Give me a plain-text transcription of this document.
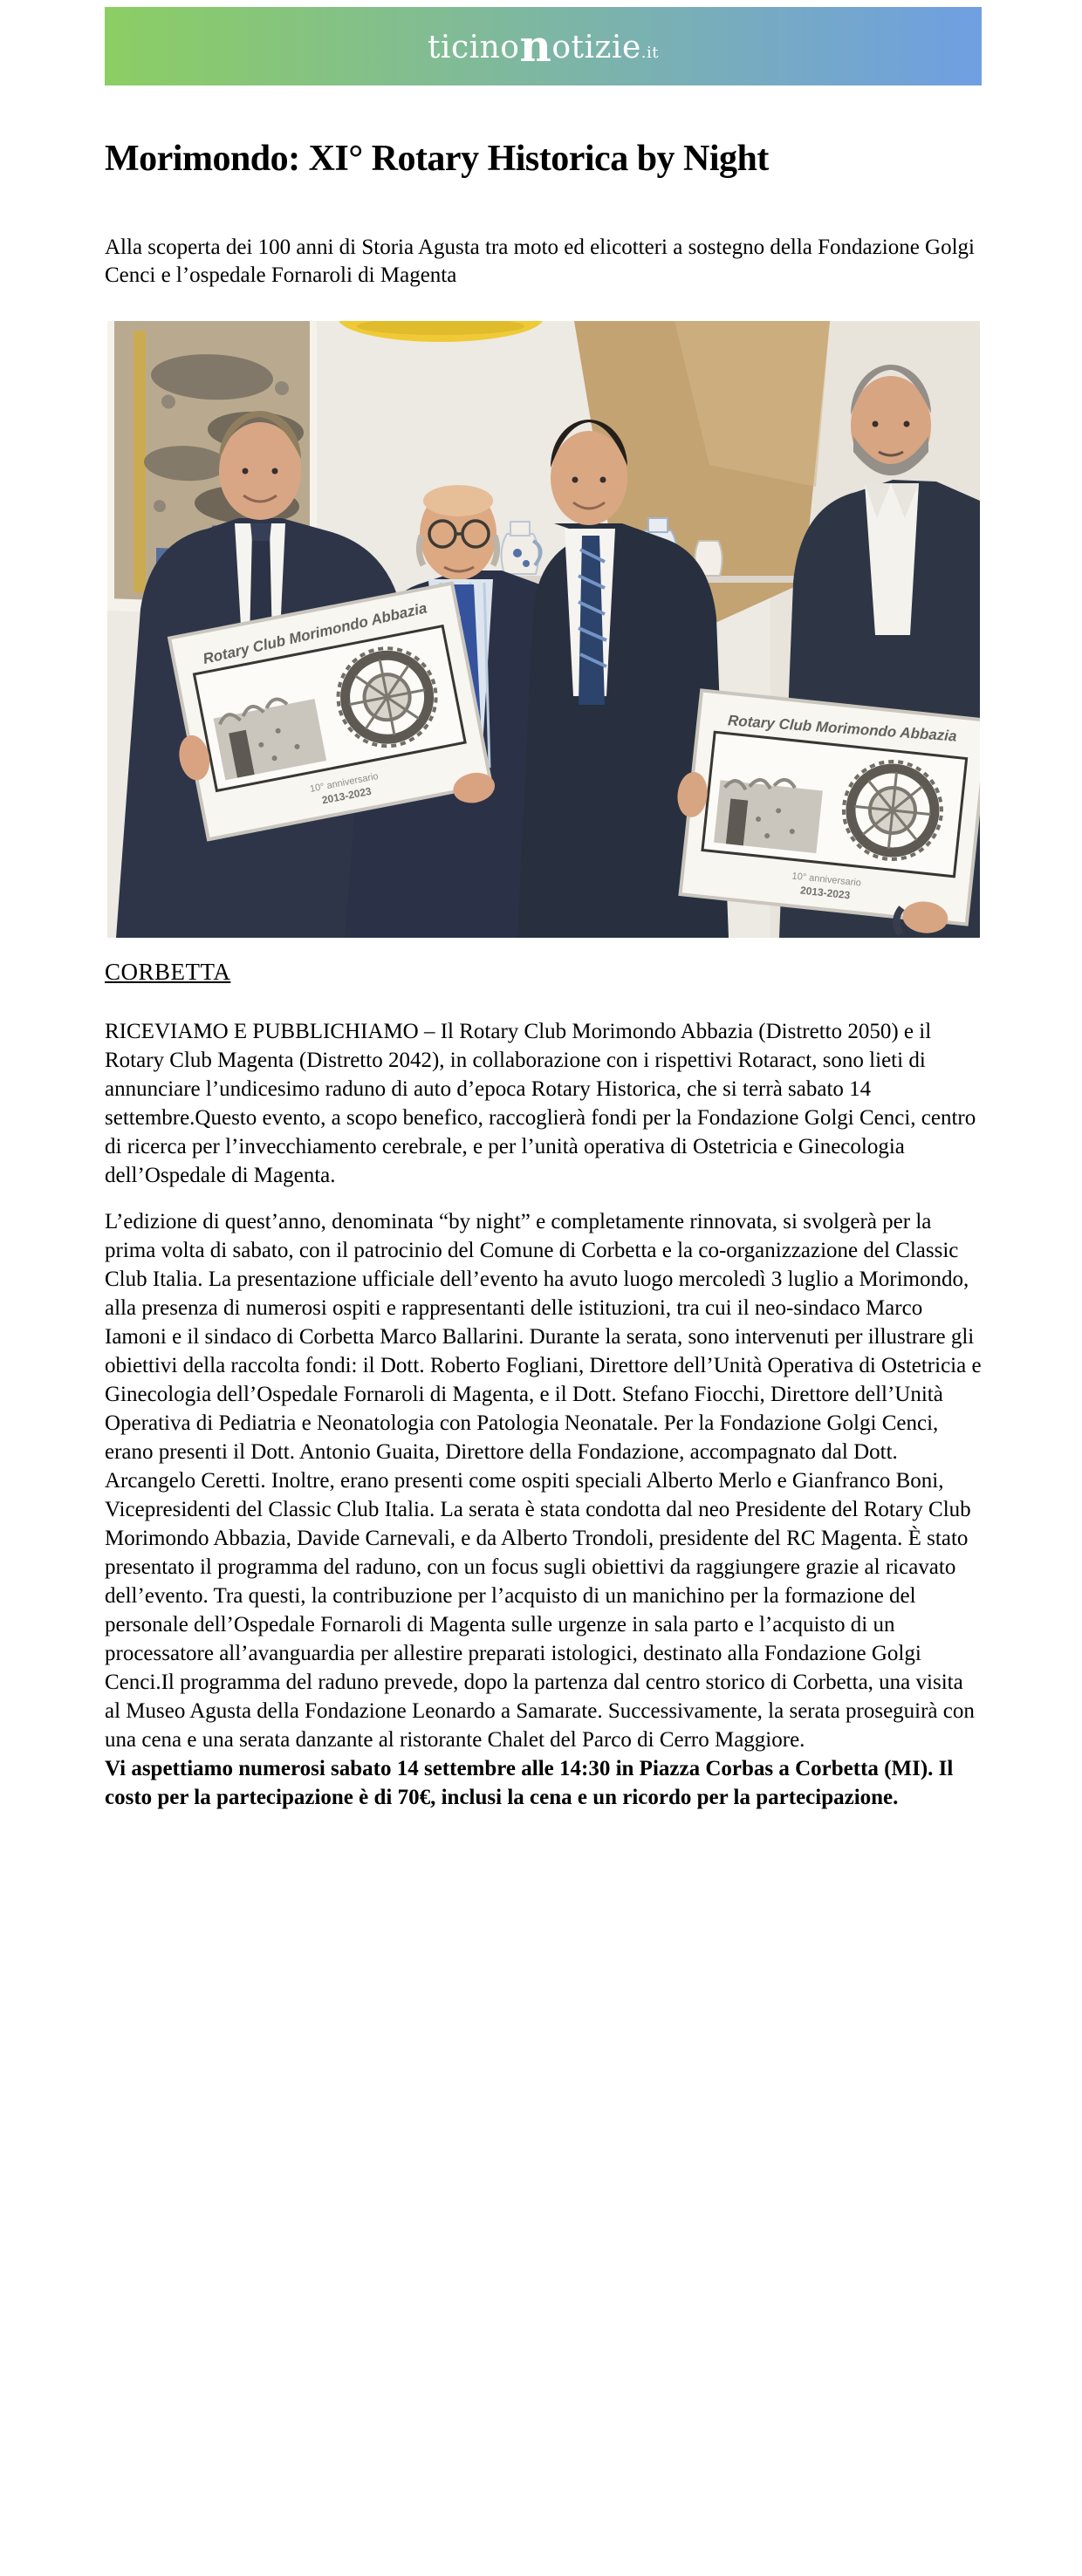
ticinonotizie.it
Morimondo: XI° Rotary Historica by Night

Alla scoperta dei 100 anni di Storia Agusta tra moto ed elicotteri a sostegno della Fondazione Golgi Cenci e l’ospedale Fornaroli di Magenta

CORBETTA

RICEVIAMO E PUBBLICHIAMO – Il Rotary Club Morimondo Abbazia (Distretto 2050) e il Rotary Club Magenta (Distretto 2042), in collaborazione con i rispettivi Rotaract, sono lieti di annunciare l’undicesimo raduno di auto d’epoca Rotary Historica, che si terrà sabato 14 settembre.Questo evento, a scopo benefico, raccoglierà fondi per la Fondazione Golgi Cenci, centro di ricerca per l’invecchiamento cerebrale, e per l’unità operativa di Ostetricia e Ginecologia dell’Ospedale di Magenta.

L’edizione di quest’anno, denominata “by night” e completamente rinnovata, si svolgerà per la prima volta di sabato, con il patrocinio del Comune di Corbetta e la co-organizzazione del Classic Club Italia. La presentazione ufficiale dell’evento ha avuto luogo mercoledì 3 luglio a Morimondo, alla presenza di numerosi ospiti e rappresentanti delle istituzioni, tra cui il neo-sindaco Marco Iamoni e il sindaco di Corbetta Marco Ballarini. Durante la serata, sono intervenuti per illustrare gli obiettivi della raccolta fondi: il Dott. Roberto Fogliani, Direttore dell’Unità Operativa di Ostetricia e Ginecologia dell’Ospedale Fornaroli di Magenta, e il Dott. Stefano Fiocchi, Direttore dell’Unità Operativa di Pediatria e Neonatologia con Patologia Neonatale. Per la Fondazione Golgi Cenci, erano presenti il Dott. Antonio Guaita, Direttore della Fondazione, accompagnato dal Dott. Arcangelo Ceretti. Inoltre, erano presenti come ospiti speciali Alberto Merlo e Gianfranco Boni, Vicepresidenti del Classic Club Italia. La serata è stata condotta dal neo Presidente del Rotary Club Morimondo Abbazia, Davide Carnevali, e da Alberto Trondoli, presidente del RC Magenta. È stato presentato il programma del raduno, con un focus sugli obiettivi da raggiungere grazie al ricavato dell’evento. Tra questi, la contribuzione per l’acquisto di un manichino per la formazione del personale dell’Ospedale Fornaroli di Magenta sulle urgenze in sala parto e l’acquisto di un processatore all’avanguardia per allestire preparati istologici, destinato alla Fondazione Golgi Cenci.Il programma del raduno prevede, dopo la partenza dal centro storico di Corbetta, una visita al Museo Agusta della Fondazione Leonardo a Samarate. Successivamente, la serata proseguirà con una cena e una serata danzante al ristorante Chalet del Parco di Cerro Maggiore.

Vi aspettiamo numerosi sabato 14 settembre alle 14:30 in Piazza Corbas a Corbetta (MI). Il costo per la partecipazione è di 70€, inclusi la cena e un ricordo per la partecipazione.
